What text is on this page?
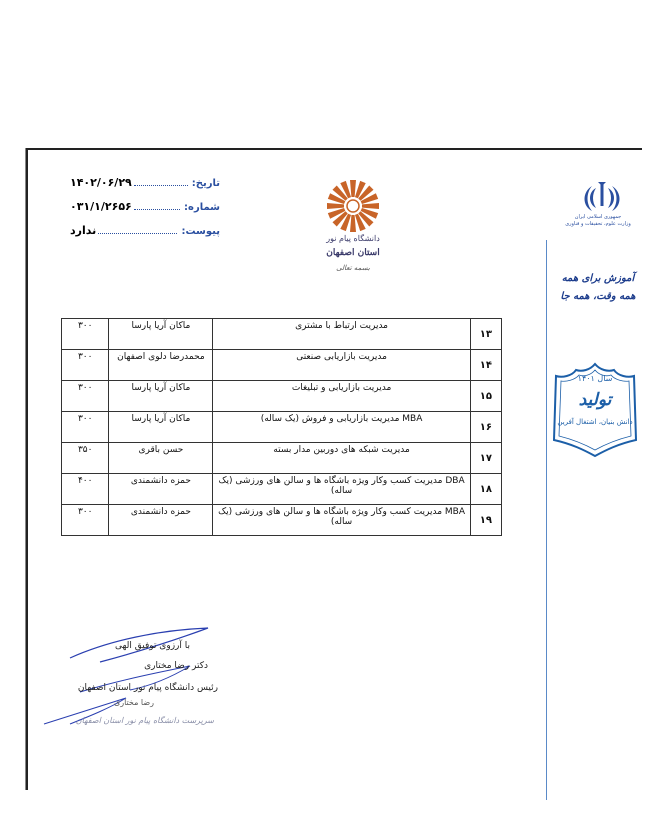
تاریخ:
۱۴۰۲/۰۶/۲۹
شماره:
۰۳۱/۱/۲۶۵۶
پیوست:
ندارد
دانشگاه پیام نور
استان اصفهان
بسمه تعالی
جمهوری اسلامی ایران
وزارت علوم، تحقیقات و فناوری
آموزش برای همه
همه وقت، همه جا
سال ۱۴۰۱
تولید
دانش بنیان، اشتغال آفرین
۱۳	مدیریت ارتباط با مشتری	ماکان آریا پارسا	۳۰۰
۱۴	مدیریت بازاریابی صنعتی	محمدرضا دلوی اصفهان	۳۰۰
۱۵	مدیریت بازاریابی و تبلیغات	ماکان آریا پارسا	۳۰۰
۱۶	MBA مدیریت بازاریابی و فروش (یک ساله)	ماکان آریا پارسا	۳۰۰
۱۷	مدیریت شبکه های دوربین مدار بسته	حسن باقری	۳۵۰
۱۸	DBA مدیریت کسب وکار ویژه باشگاه ها و سالن های ورزشی (یک ساله)	حمزه دانشمندی	۴۰۰
۱۹	MBA مدیریت کسب وکار ویژه باشگاه ها و سالن های ورزشی (یک ساله)	حمزه دانشمندی	۳۰۰
با آرزوی توفیق الهی
دکتر رضا مختاری
رئیس دانشگاه پیام نور استان اصفهان
رضا مختاری
سرپرست دانشگاه پیام نور استان اصفهان
